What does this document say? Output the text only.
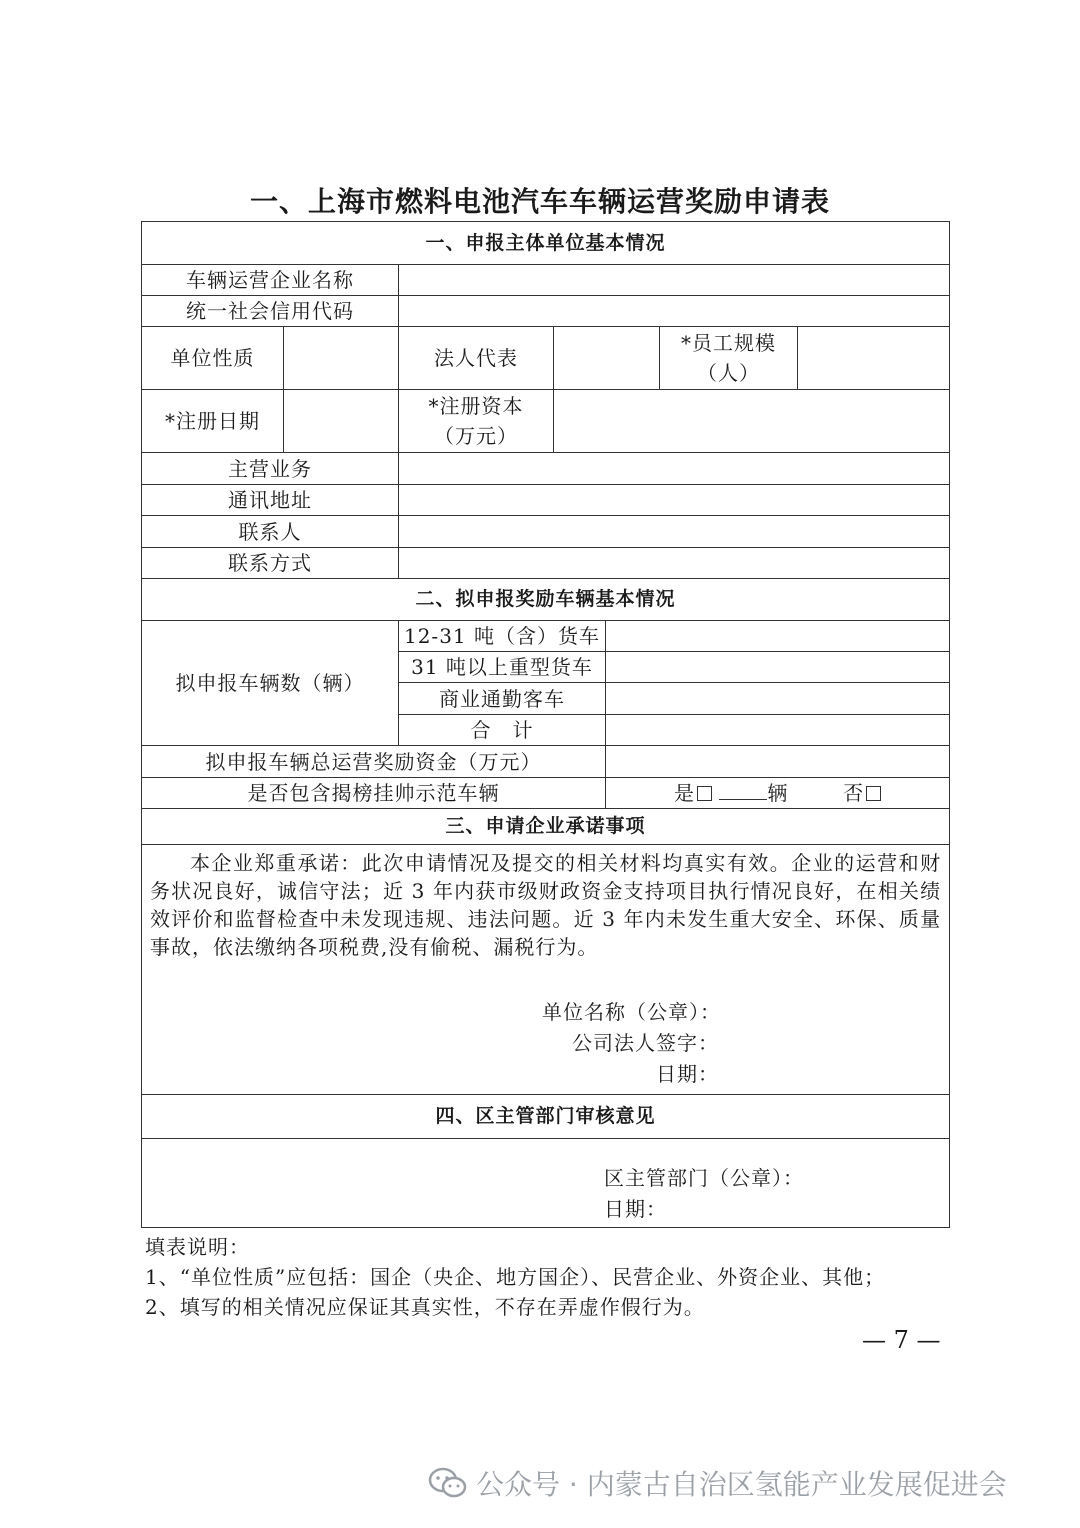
一、上海市燃料电池汽车车辆运营奖励申请表
一、申报主体单位基本情况						
车辆运营企业名称						
统一社会信用代码						
单位性质		法人代表			*员工规模
（人）	

*注册日期		*注册资本
（万元）				

主营业务						
通讯地址						
联系人						
联系方式						
二、拟申报奖励车辆基本情况						
拟申报车辆数（辆）		12-31 吨（含）货车				
		31 吨以上重型货车				
		商业通勤客车				
		合　计				
拟申报车辆总运营奖励资金（万元）						
是否包含揭榜挂帅示范车辆				是 辆 否		
三、申请企业承诺事项						

本企业郑重承诺：此次申请情况及提交的相关材料均真实有效。企业的运营和财务状况良好，诚信守法；近 3 年内获市级财政资金支持项目执行情况良好，在相关绩效评价和监督检查中未发现违规、违法问题。近 3 年内未发生重大安全、环保、质量事故，依法缴纳各项税费,没有偷税、漏税行为。
单位名称（公章）：
公司法人签字：
日期：						

四、区主管部门审核意见						

区主管部门（公章）：
日期：						
填表说明：
1、“单位性质”应包括：国企（央企、地方国企）、民营企业、外资企业、其他；
2、填写的相关情况应保证其真实性，不存在弄虚作假行为。
— 7 —
公众号 · 内蒙古自治区氢能产业发展促进会
